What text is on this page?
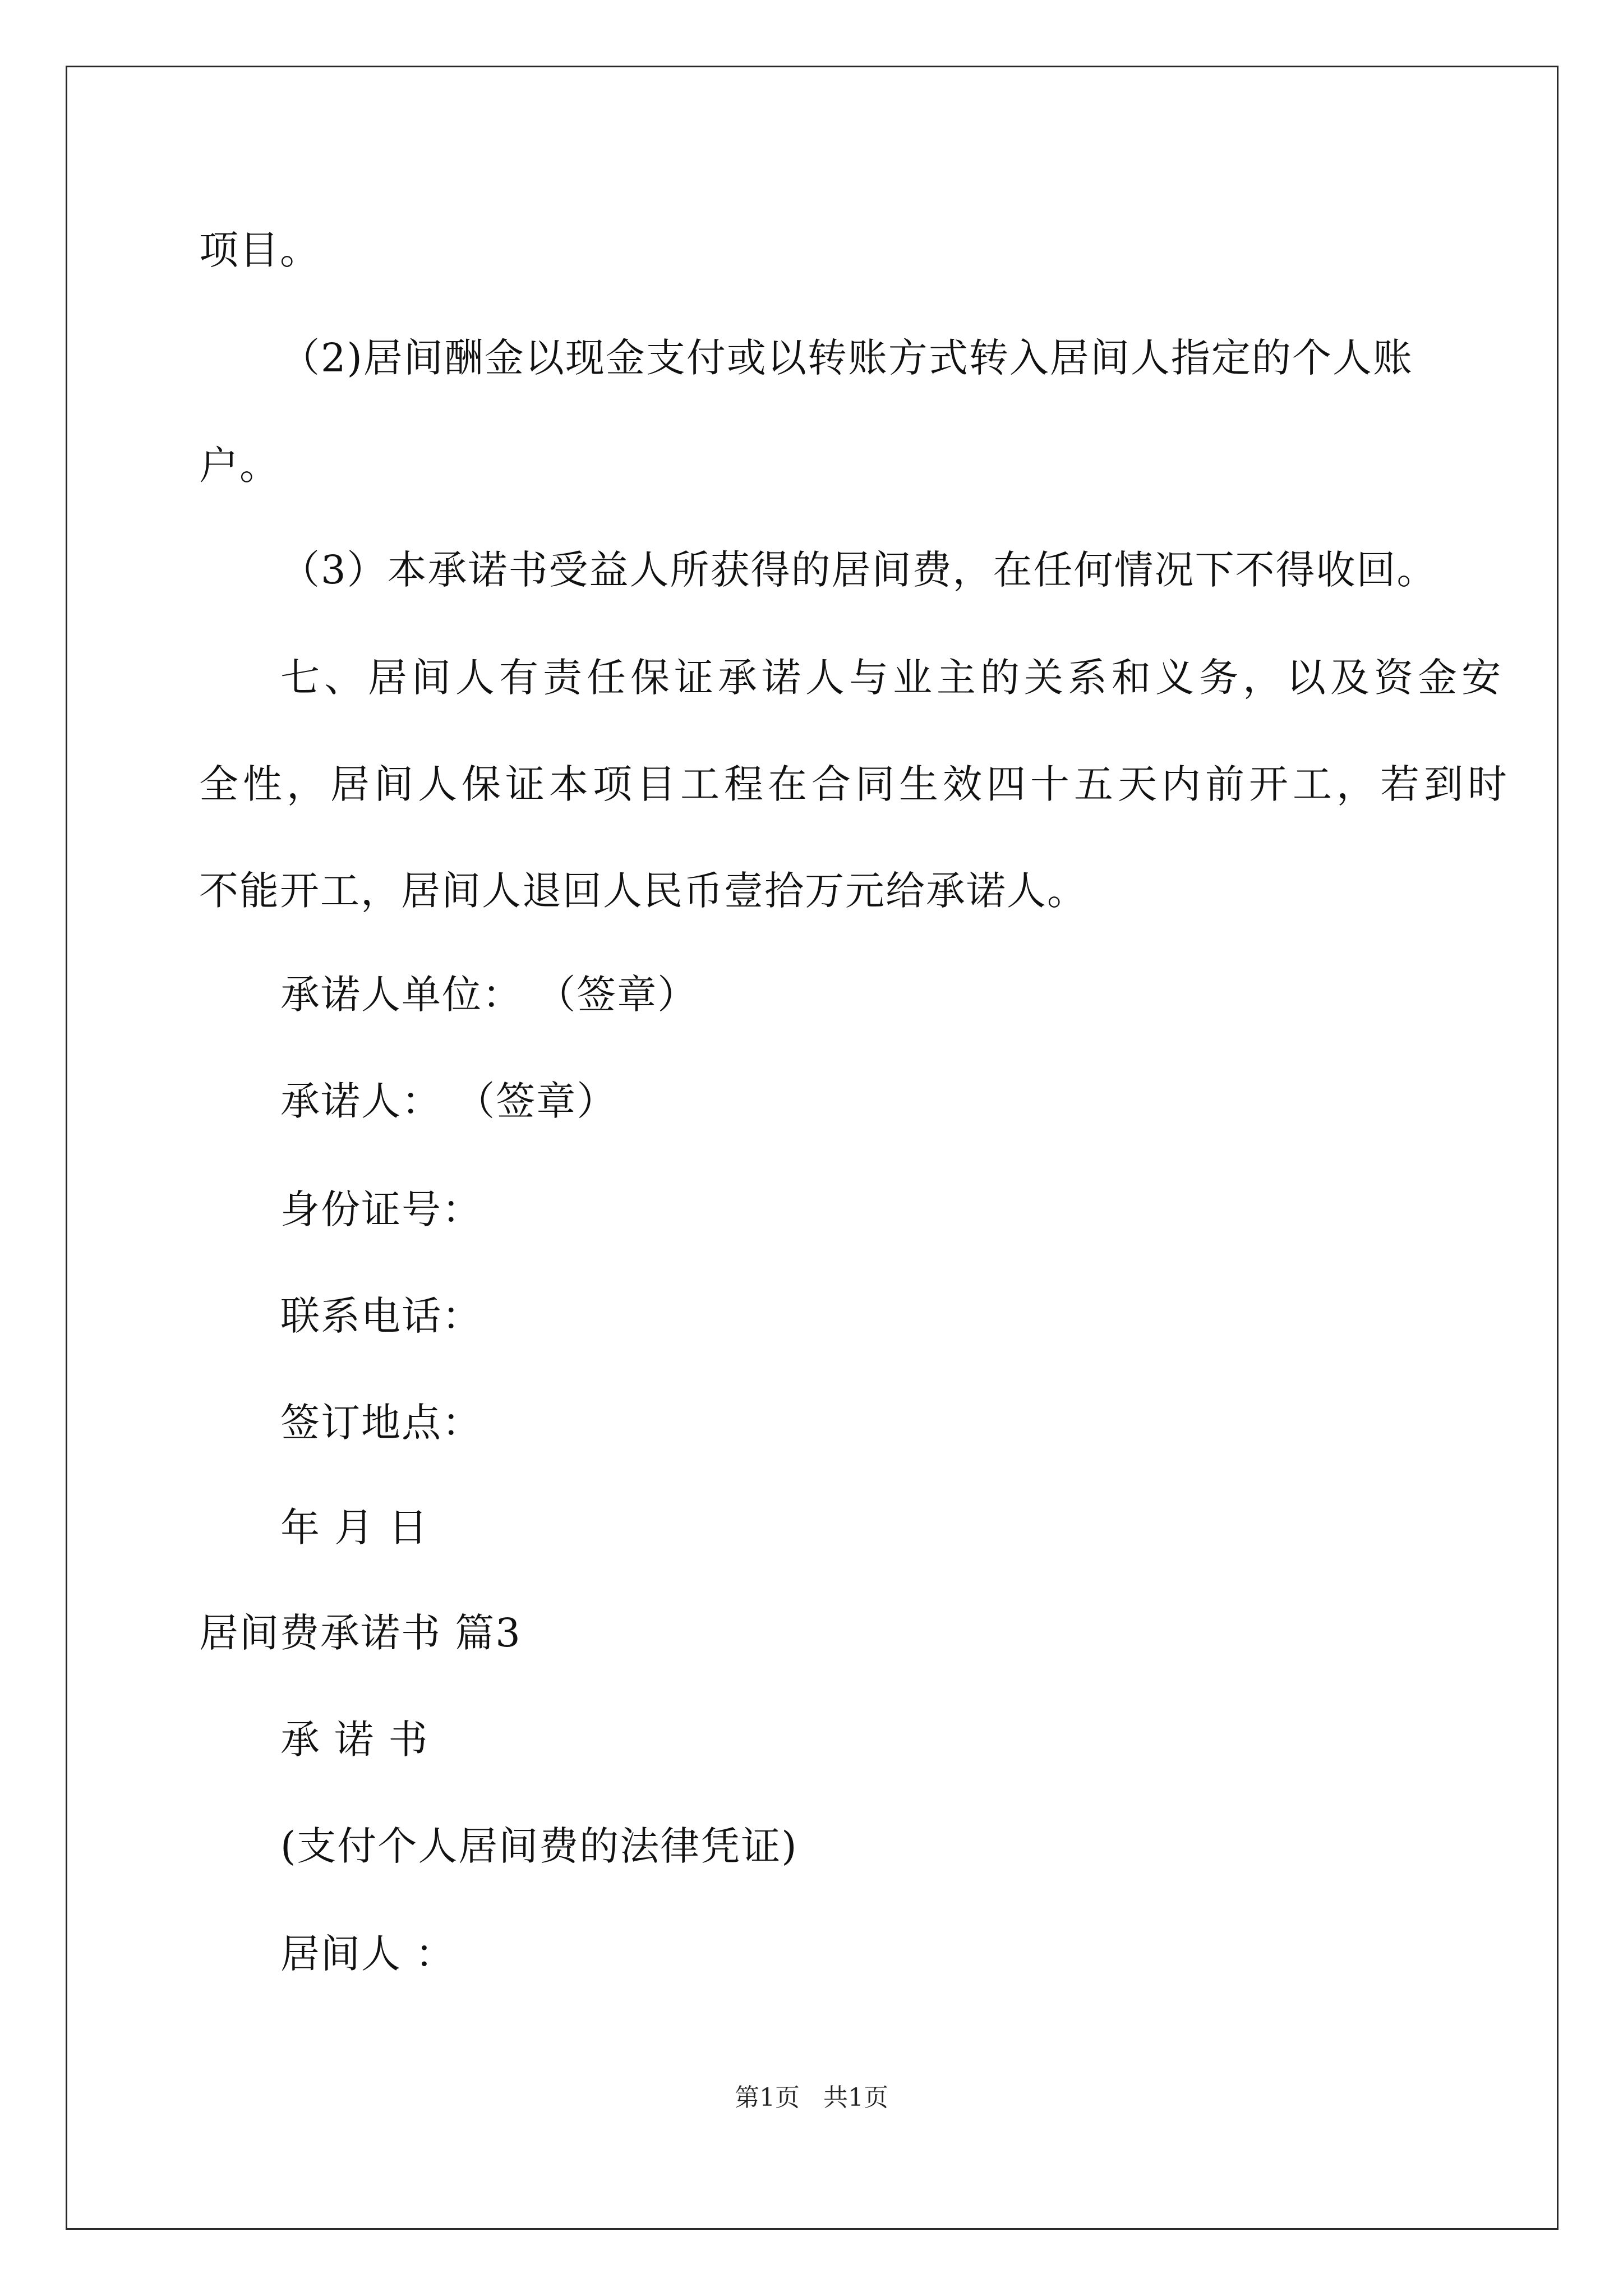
项目。
（2)居间酬金以现金支付或以转账方式转入居间人指定的个人账
户。
（3）本承诺书受益人所获得的居间费，在任何情况下不得收回。
七、居间人有责任保证承诺人与业主的关系和义务，以及资金安
全性，居间人保证本项目工程在合同生效四十五天内前开工，若到时
不能开工，居间人退回人民币壹拾万元给承诺人。
承诺人单位： （签章）
承诺人： （签章）
身份证号：
联系电话：
签订地点：
年 月 日
居间费承诺书 篇3
承 诺 书
(支付个人居间费的法律凭证)
居间人 ：
第1页   共1页
